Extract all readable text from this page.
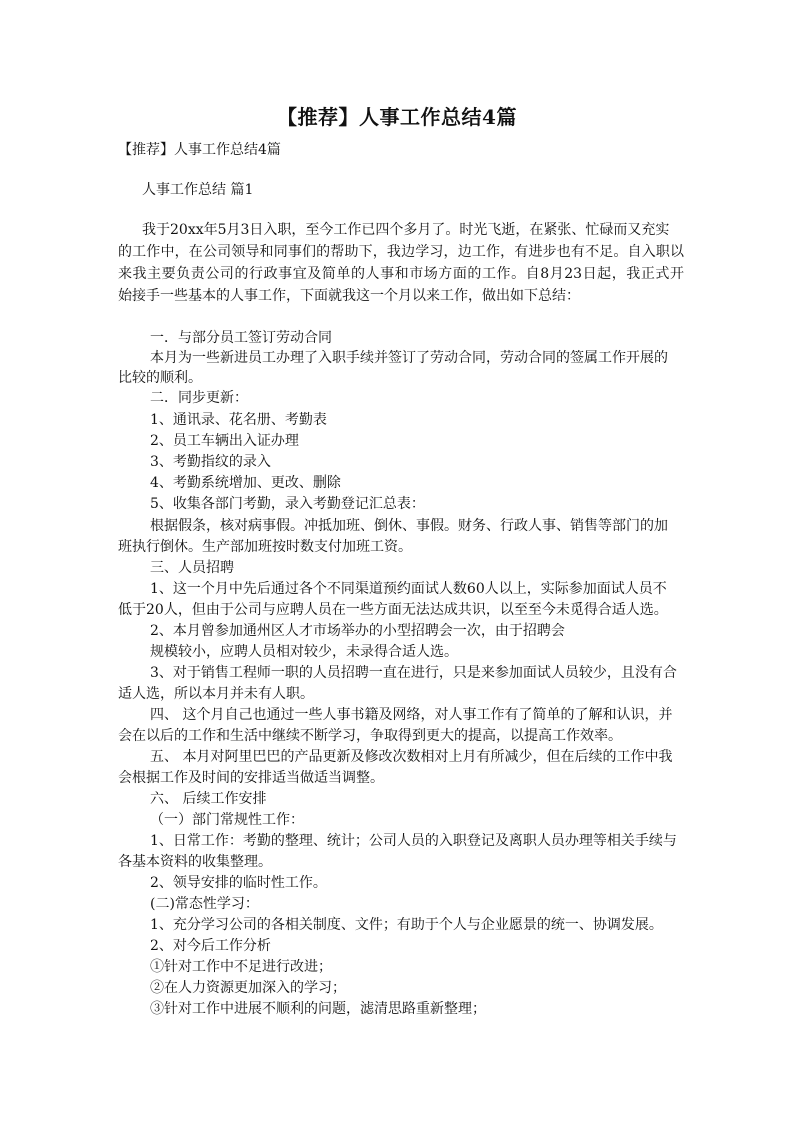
【推荐】人事工作总结4篇
【推荐】人事工作总结4篇
人事工作总结 篇1
我于20xx年5月3日入职，至今工作已四个多月了。时光飞逝，在紧张、忙碌而又充实
的工作中，在公司领导和同事们的帮助下，我边学习，边工作，有进步也有不足。自入职以
来我主要负责公司的行政事宜及简单的人事和市场方面的工作。自8月23日起，我正式开
始接手一些基本的人事工作，下面就我这一个月以来工作，做出如下总结：
一．与部分员工签订劳动合同
本月为一些新进员工办理了入职手续并签订了劳动合同，劳动合同的签属工作开展的
比较的顺利。
二．同步更新：
1、通讯录、花名册、考勤表
2、员工车辆出入证办理
3、考勤指纹的录入
4、考勤系统增加、更改、删除
5、收集各部门考勤，录入考勤登记汇总表：
根据假条，核对病事假。冲抵加班、倒休、事假。财务、行政人事、销售等部门的加
班执行倒休。生产部加班按时数支付加班工资。
三、人员招聘
1、这一个月中先后通过各个不同渠道预约面试人数60人以上，实际参加面试人员不
低于20人，但由于公司与应聘人员在一些方面无法达成共识，以至至今未觅得合适人选。
2、本月曾参加通州区人才市场举办的小型招聘会一次，由于招聘会
规模较小，应聘人员相对较少，未录得合适人选。
3、对于销售工程师一职的人员招聘一直在进行，只是来参加面试人员较少，且没有合
适人选，所以本月并未有人职。
四、 这个月自己也通过一些人事书籍及网络，对人事工作有了简单的了解和认识，并
会在以后的工作和生活中继续不断学习，争取得到更大的提高，以提高工作效率。
五、 本月对阿里巴巴的产品更新及修改次数相对上月有所减少，但在后续的工作中我
会根据工作及时间的安排适当做适当调整。
六、 后续工作安排
（一）部门常规性工作：
1、日常工作：考勤的整理、统计；公司人员的入职登记及离职人员办理等相关手续与
各基本资料的收集整理。
2、领导安排的临时性工作。
(二)常态性学习：
1、充分学习公司的各相关制度、文件；有助于个人与企业愿景的统一、协调发展。
2、对今后工作分析
①针对工作中不足进行改进；
②在人力资源更加深入的学习；
③针对工作中进展不顺利的问题，滤清思路重新整理；
